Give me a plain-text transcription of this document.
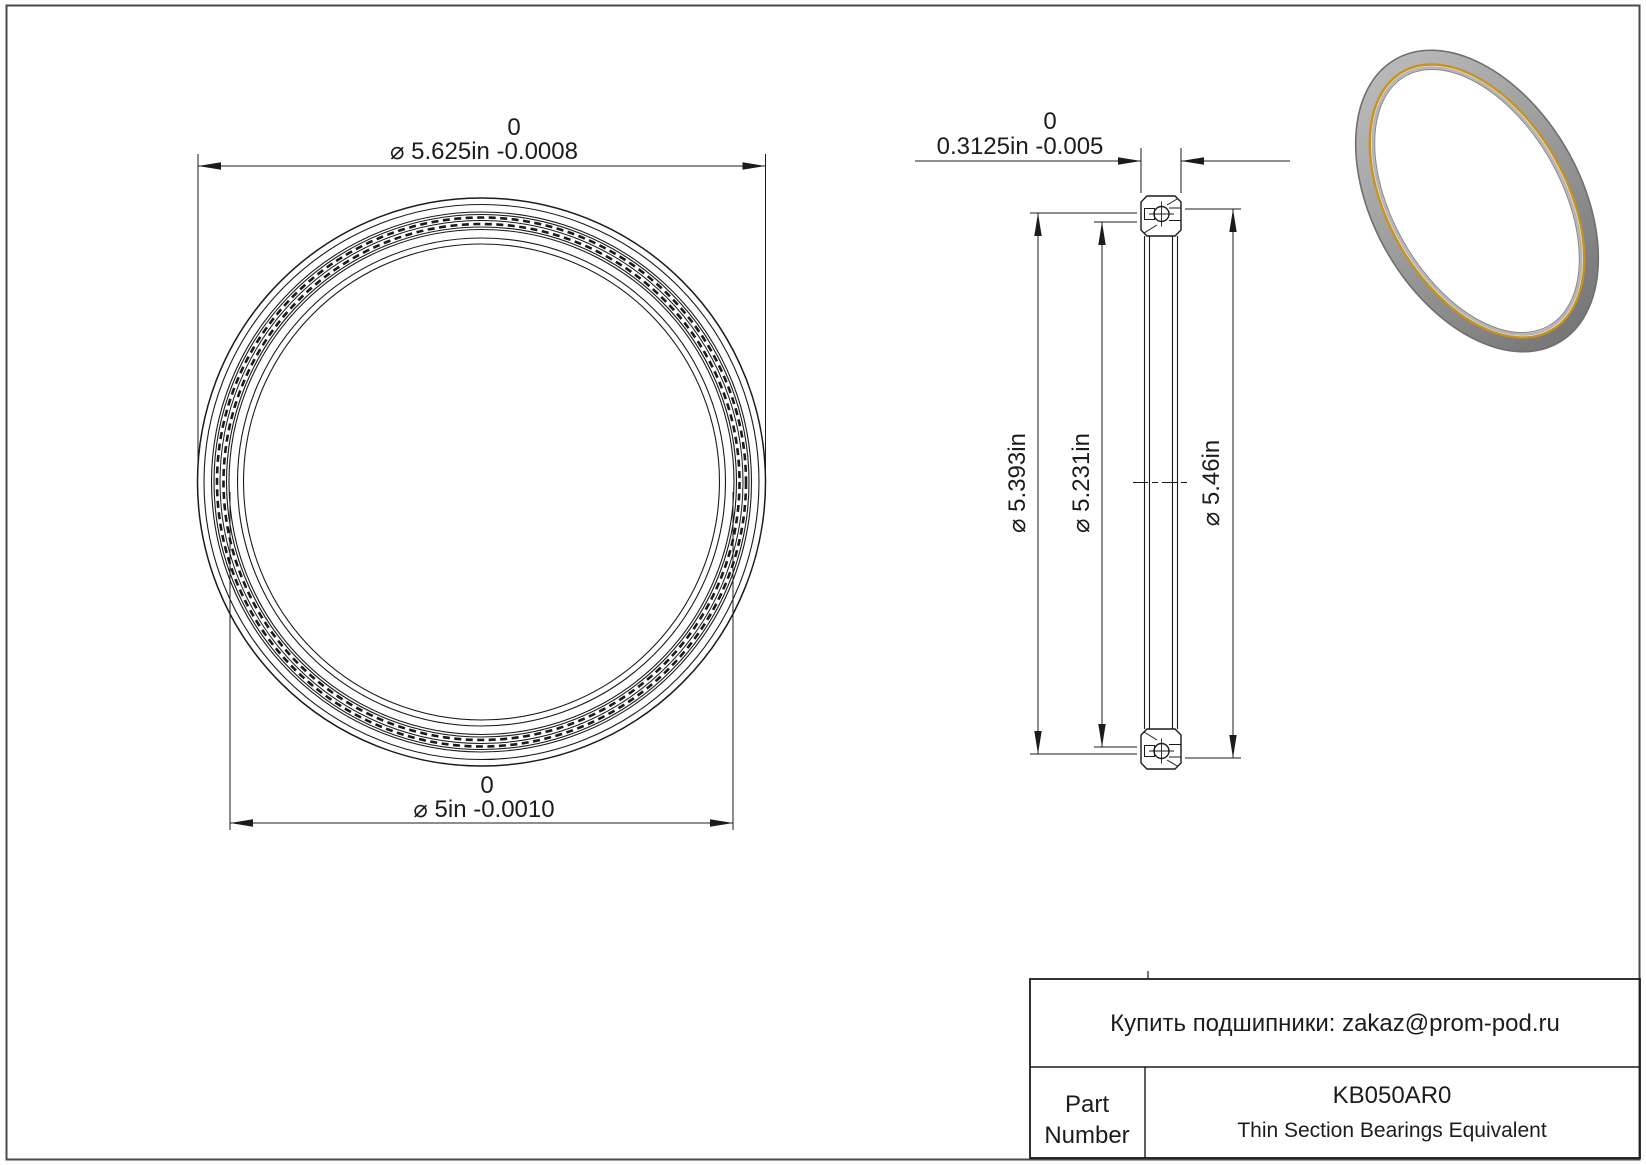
0
⌀ 5.625in -0.0008
0
⌀ 5in -0.0010
0
0.3125in -0.005
⌀ 5.393in ⌀ 5.231in	⌀ 5.46in
Купить подшипники: zakaz@prom-pod.ru
Part
Number
KB050AR0
Thin Section Bearings Equivalent
